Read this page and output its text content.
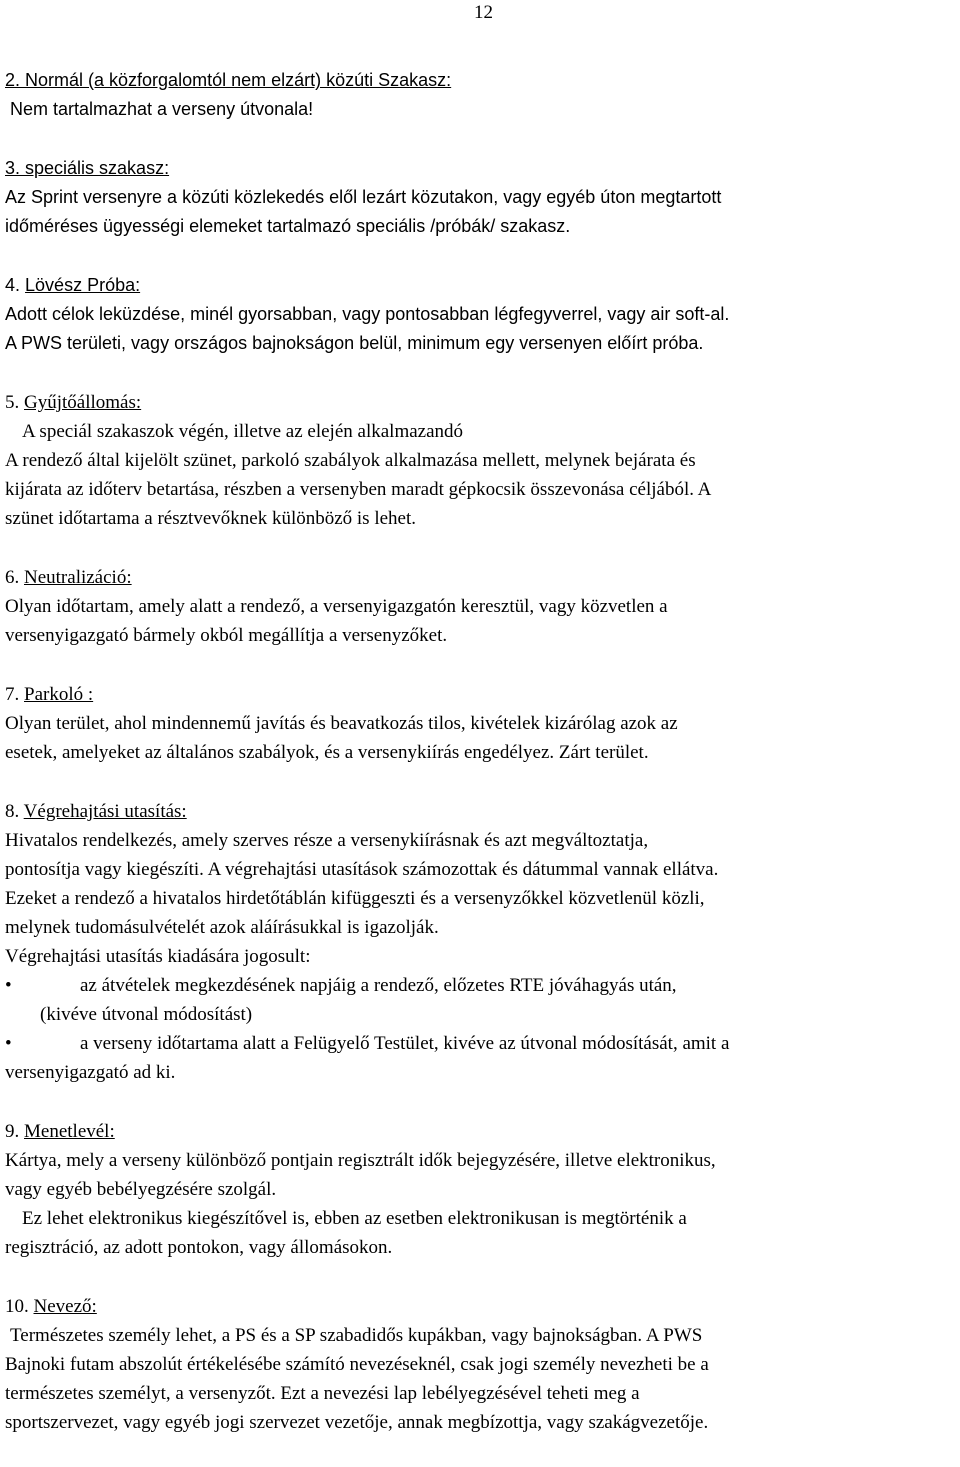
12

2. Normál (a közforgalomtól nem elzárt) közúti Szakasz:

Nem tartalmazhat a verseny útvonala!

3. speciális szakasz:

Az Sprint versenyre a közúti közlekedés elől lezárt közutakon, vagy egyéb úton megtartott

időméréses ügyességi elemeket tartalmazó speciális /próbák/ szakasz.

4. Lövész Próba:

Adott célok leküzdése, minél gyorsabban, vagy pontosabban légfegyverrel, vagy air soft-al.

A PWS területi, vagy országos bajnokságon belül, minimum egy versenyen előírt próba.

5. Gyűjtőállomás:

A speciál szakaszok végén, illetve az elején alkalmazandó

A rendező által kijelölt szünet, parkoló szabályok alkalmazása mellett, melynek bejárata és

kijárata az időterv betartása, részben a versenyben maradt gépkocsik összevonása céljából. A

szünet időtartama a résztvevőknek különböző is lehet.

6. Neutralizáció:

Olyan időtartam, amely alatt a rendező, a versenyigazgatón keresztül, vagy közvetlen a

versenyigazgató bármely okból megállítja a versenyzőket.

7. Parkoló :

Olyan terület, ahol mindennemű javítás és beavatkozás tilos, kivételek kizárólag azok az

esetek, amelyeket az általános szabályok, és a versenykiírás engedélyez. Zárt terület.

8. Végrehajtási utasítás:

Hivatalos rendelkezés, amely szerves része a versenykiírásnak és azt megváltoztatja,

pontosítja vagy kiegészíti. A végrehajtási utasítások számozottak és dátummal vannak ellátva.

Ezeket a rendező a hivatalos hirdetőtáblán kifüggeszti és a versenyzőkkel közvetlenül közli,

melynek tudomásulvételét azok aláírásukkal is igazolják.

Végrehajtási utasítás kiadására jogosult:

•	az átvételek megkezdésének napjáig a rendező, előzetes RTE jóváhagyás után,

(kivéve útvonal módosítást)

•	a verseny időtartama alatt a Felügyelő Testület, kivéve az útvonal módosítását, amit a

versenyigazgató ad ki.

9. Menetlevél:

Kártya, mely a verseny különböző pontjain regisztrált idők bejegyzésére, illetve elektronikus,

vagy egyéb bebélyegzésére szolgál.

Ez lehet elektronikus kiegészítővel is, ebben az esetben elektronikusan is megtörténik a

regisztráció, az adott pontokon, vagy állomásokon.

10. Nevező:

Természetes személy lehet, a PS és a SP szabadidős kupákban, vagy bajnokságban. A PWS

Bajnoki futam abszolút értékelésébe számító nevezéseknél, csak jogi személy nevezheti be a

természetes személyt, a versenyzőt. Ezt a nevezési lap lebélyegzésével teheti meg a

sportszervezet, vagy egyéb jogi szervezet vezetője, annak megbízottja, vagy szakágvezetője.
